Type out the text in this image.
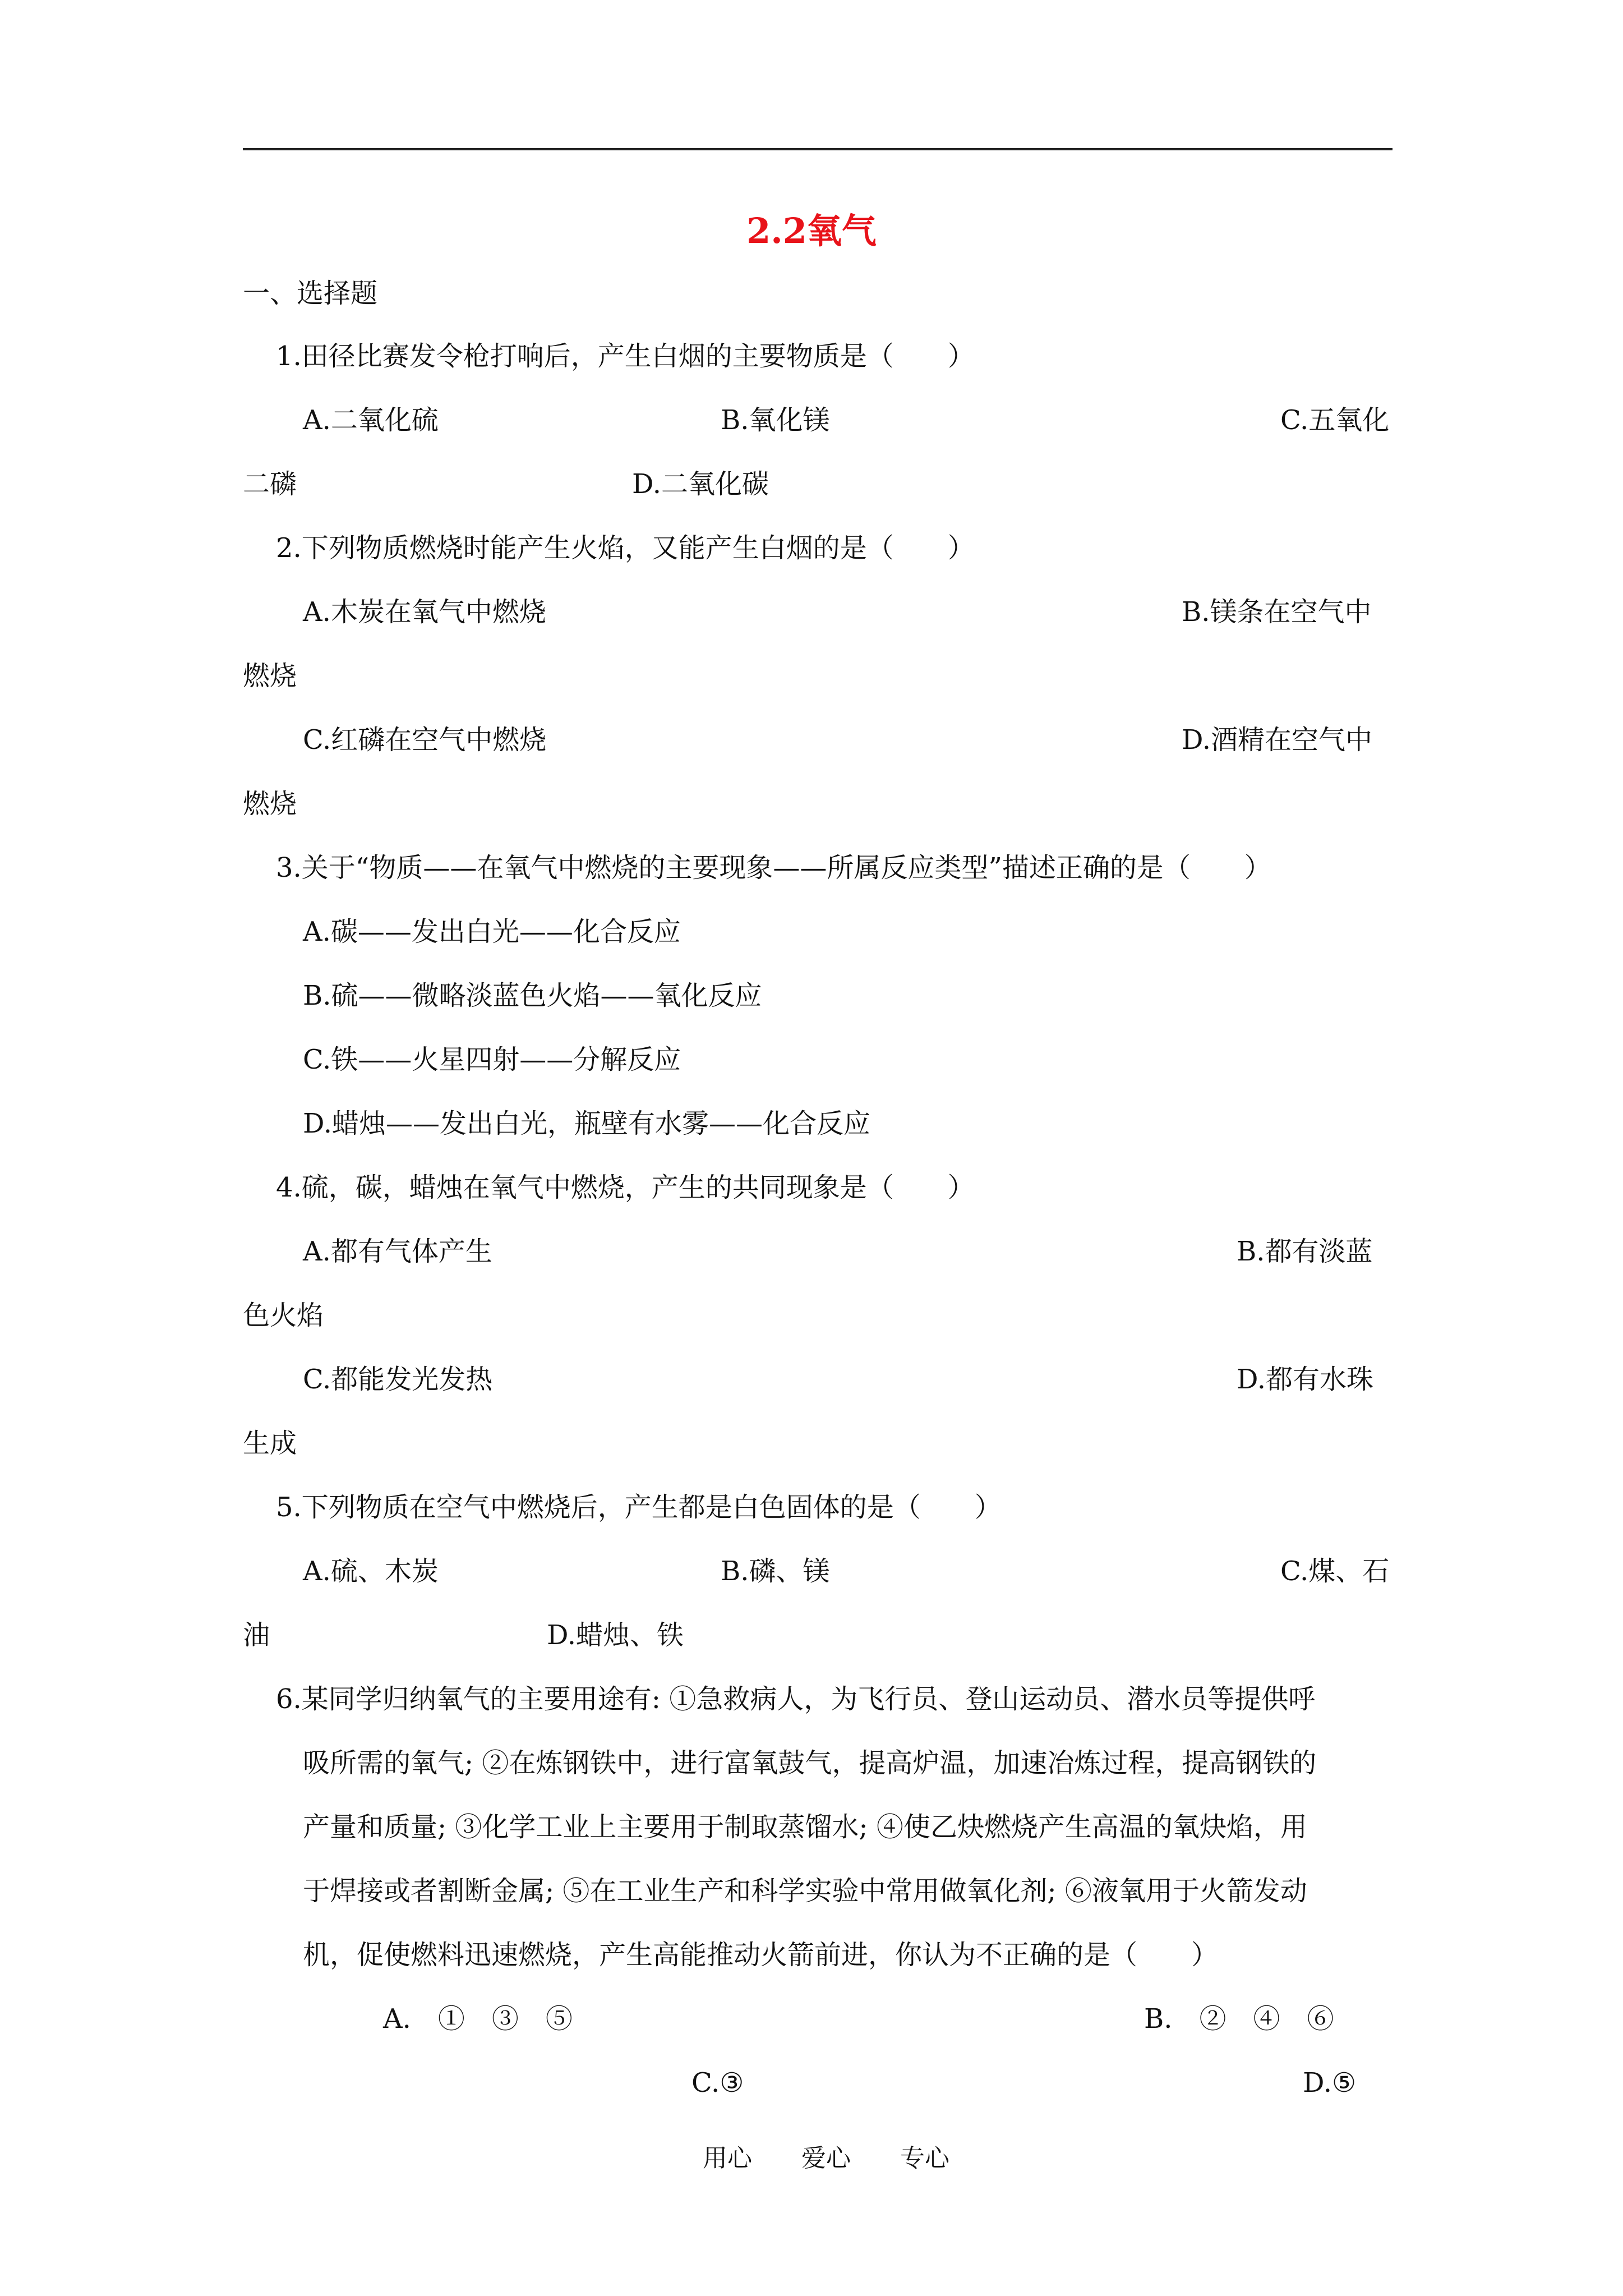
2.2氧气
一、选择题
1.田径比赛发令枪打响后，产生白烟的主要物质是（　　）
A.二氧化硫	B.氧化镁	C.五氧化
二磷	D.二氧化碳
2.下列物质燃烧时能产生火焰，又能产生白烟的是（　　）
A.木炭在氧气中燃烧	B.镁条在空气中
燃烧
C.红磷在空气中燃烧	D.酒精在空气中
燃烧
3.关于“物质——在氧气中燃烧的主要现象——所属反应类型”描述正确的是（　　）
A.碳——发出白光——化合反应
B.硫——微略淡蓝色火焰——氧化反应
C.铁——火星四射——分解反应
D.蜡烛——发出白光，瓶壁有水雾——化合反应
4.硫，碳，蜡烛在氧气中燃烧，产生的共同现象是（　　）
A.都有气体产生	B.都有淡蓝
色火焰
C.都能发光发热	D.都有水珠
生成
5.下列物质在空气中燃烧后，产生都是白色固体的是（　　）
A.硫、木炭	B.磷、镁	C.煤、石
油	D.蜡烛、铁
6.某同学归纳氧气的主要用途有: ①急救病人，为飞行员、登山运动员、潜水员等提供呼
吸所需的氧气; ②在炼钢铁中，进行富氧鼓气，提高炉温，加速冶炼过程，提高钢铁的
产量和质量; ③化学工业上主要用于制取蒸馏水; ④使乙炔燃烧产生高温的氧炔焰，用
于焊接或者割断金属; ⑤在工业生产和科学实验中常用做氧化剂; ⑥液氧用于火箭发动
机，促使燃料迅速燃烧，产生高能推动火箭前进，你认为不正确的是（　　）
A.　①　③　⑤	B.　②　④　⑥
C.③	D.⑤
用心　　爱心　　专心
